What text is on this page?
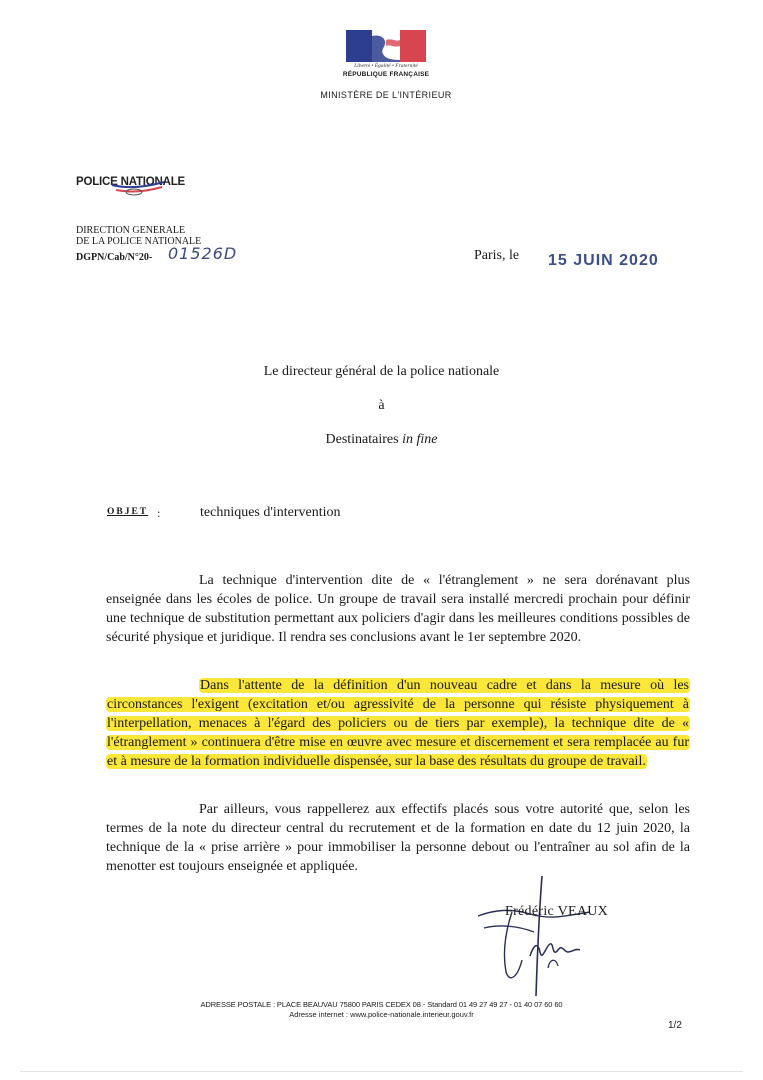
Liberté • Égalité • Fraternité
RÉPUBLIQUE FRANÇAISE
MINISTÈRE DE L'INTÉRIEUR
POLICE NATIONALE
DIRECTION GENERALE
DE LA POLICE NATIONALE
DGPN/Cab/N°20- 01526D	Paris, le 15 JUIN 2020
Le directeur général de la police nationale
à
Destinataires in fine
OBJET :	techniques d'intervention

La technique d'intervention dite de « l'étranglement » ne sera dorénavant plus enseignée dans les écoles de police. Un groupe de travail sera installé mercredi prochain pour définir une technique de substitution permettant aux policiers d'agir dans les meilleures conditions possibles de sécurité physique et juridique. Il rendra ses conclusions avant le 1er septembre 2020.

Dans l'attente de la définition d'un nouveau cadre et dans la mesure où les circonstances l'exigent (excitation et/ou agressivité de la personne qui résiste physiquement à l'interpellation, menaces à l'égard des policiers ou de tiers par exemple), la technique dite de « l'étranglement » continuera d'être mise en œuvre avec mesure et discernement et sera remplacée au fur et à mesure de la formation individuelle dispensée, sur la base des résultats du groupe de travail.

Par ailleurs, vous rappellerez aux effectifs placés sous votre autorité que, selon les termes de la note du directeur central du recrutement et de la formation en date du 12 juin 2020, la technique de la « prise arrière » pour immobiliser la personne debout ou l'entraîner au sol afin de la menotter est toujours enseignée et appliquée.

Frédéric VEAUX
ADRESSE POSTALE : PLACE BEAUVAU 75800 PARIS CEDEX 08 - Standard 01 49 27 49 27 - 01 40 07 60 60
Adresse internet : www.police-nationale.interieur.gouv.fr
1/2
